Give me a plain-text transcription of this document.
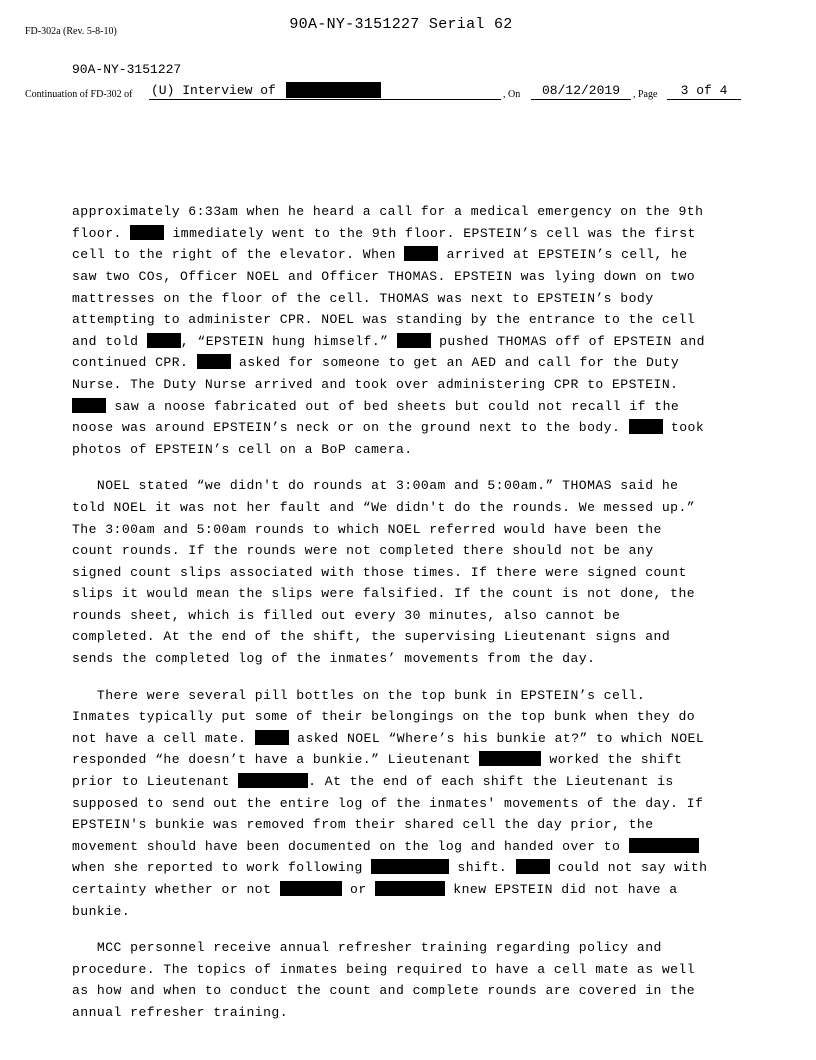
FD-302a (Rev. 5-8-10)	90A-NY-3151227 Serial 62
90A-NY-3151227
Continuation of FD-302 of (U) Interview of	, On	08/12/2019	, Page	3 of 4

approximately 6:33am when he heard a call for a medical emergency on the 9th
floor.	immediately went to the 9th floor. EPSTEIN’s cell was the first
cell to the right of the elevator. When	arrived at EPSTEIN’s cell, he
saw two COs, Officer NOEL and Officer THOMAS. EPSTEIN was lying down on two
mattresses on the floor of the cell. THOMAS was next to EPSTEIN’s body
attempting to administer CPR. NOEL was standing by the entrance to the cell
and told	, “EPSTEIN hung himself.”	pushed THOMAS off of EPSTEIN and
continued CPR.	asked for someone to get an AED and call for the Duty
Nurse. The Duty Nurse arrived and took over administering CPR to EPSTEIN.
saw a noose fabricated out of bed sheets but could not recall if the
noose was around EPSTEIN’s neck or on the ground next to the body.	took
photos of EPSTEIN’s cell on a BoP camera.
NOEL stated “we didn't do rounds at 3:00am and 5:00am.” THOMAS said he
told NOEL it was not her fault and “We didn't do the rounds. We messed up.”
The 3:00am and 5:00am rounds to which NOEL referred would have been the
count rounds. If the rounds were not completed there should not be any
signed count slips associated with those times. If there were signed count
slips it would mean the slips were falsified. If the count is not done, the
rounds sheet, which is filled out every 30 minutes, also cannot be
completed. At the end of the shift, the supervising Lieutenant signs and
sends the completed log of the inmates’ movements from the day.
There were several pill bottles on the top bunk in EPSTEIN’s cell.
Inmates typically put some of their belongings on the top bunk when they do
not have a cell mate.	asked NOEL “Where’s his bunkie at?” to which NOEL
responded “he doesn’t have a bunkie.” Lieutenant	worked the shift
prior to Lieutenant	. At the end of each shift the Lieutenant is
supposed to send out the entire log of the inmates' movements of the day. If
EPSTEIN's bunkie was removed from their shared cell the day prior, the
movement should have been documented on the log and handed over to
when she reported to work following	shift.	could not say with
certainty whether or not	or	knew EPSTEIN did not have a
bunkie.
MCC personnel receive annual refresher training regarding policy and
procedure. The topics of inmates being required to have a cell mate as well
as how and when to conduct the count and complete rounds are covered in the
annual refresher training.
